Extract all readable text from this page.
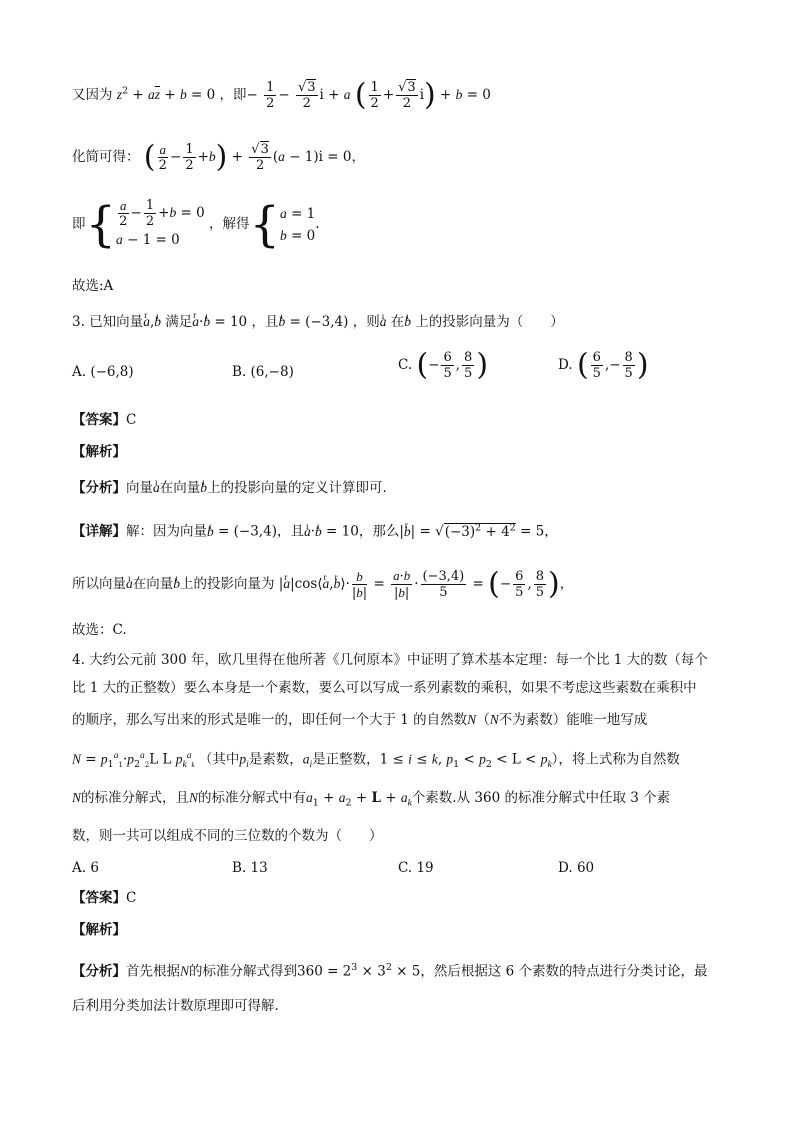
又因为 $z^2 + a\overline{z} + b = 0$ ，即− $\frac{1}{2} - \frac{√3}{2}$ i + a ( $\frac{1}{2} + \frac{√3}{2} i) + b = 0$
化简可得： ( $\frac{a}{2} - \frac{1}{2} +b) + \frac{√3}{2} (a - 1)i = 0$，
即{ $\frac{a}{2} - \frac{1}{2} +b = 0$
a − 1 = 0
，解得{ a = 1
b = 0
.
故选:A
3. 已知向量r a,ı b 满足r a·ı b = 10 ，且ı b = (−3,4) ，则ı a 在ı b 上的投影向量为（　　）
A. (−6,8)	B. (6,−8)	C. (− $\frac{6}{5}$ , $\frac{8}{5}$ )	D. ( $\frac{6}{5}$ ,− $\frac{8}{5}$ )
【答案】C
【解析】
【分析】向量ı a在向量ı b上的投影向量的定义计算即可.
【详解】解：因为向量ı b = (−3,4)，且ı a·ı b = 10，那么|r $b| = √(-3)^2 + 4^2 = 5$，
所以向量ı a在向量ı b上的投影向量为 |r a|cos⟨r a,r b⟩· $\frac{b}{|b|} = \frac{a\cdot b}{|b|} \cdot \frac{(-3,4)}{5}$ = (− $\frac{6}{5}$ , $\frac{8}{5}$ )，
故选：C.
4. 大约公元前 300 年，欧几里得在他所著《几何原本》中证明了算术基本定理：每一个比 1 大的数（每个
比 1 大的正整数）要么本身是一个素数，要么可以写成一系列素数的乘积，如果不考虑这些素数在乘积中
的顺序，那么写出来的形式是唯一的，即任何一个大于 1 的自然数N（N不为素数）能唯一地写成
$N = p_1^a_1\cdot p_2^a_2L$ L $p_k^a_k$ （其中$p_i$是素数，$a_i$是正整数，1 ≤ i ≤ k, $p_1 < p_2 < L < p_k$），将上式称为自然数
N的标准分解式，且N的标准分解式中有$a_1 + a_2 + L + a_k$个素数.从 360 的标准分解式中任取 3 个素
数，则一共可以组成不同的三位数的个数为（　　）
A. 6	B. 13	C. 19	D. 60
【答案】C
【解析】
【分析】首先根据N的标准分解式得到$360 = 2^3 \times 3^2 \times 5$，然后根据这 6 个素数的特点进行分类讨论，最
后利用分类加法计数原理即可得解.
